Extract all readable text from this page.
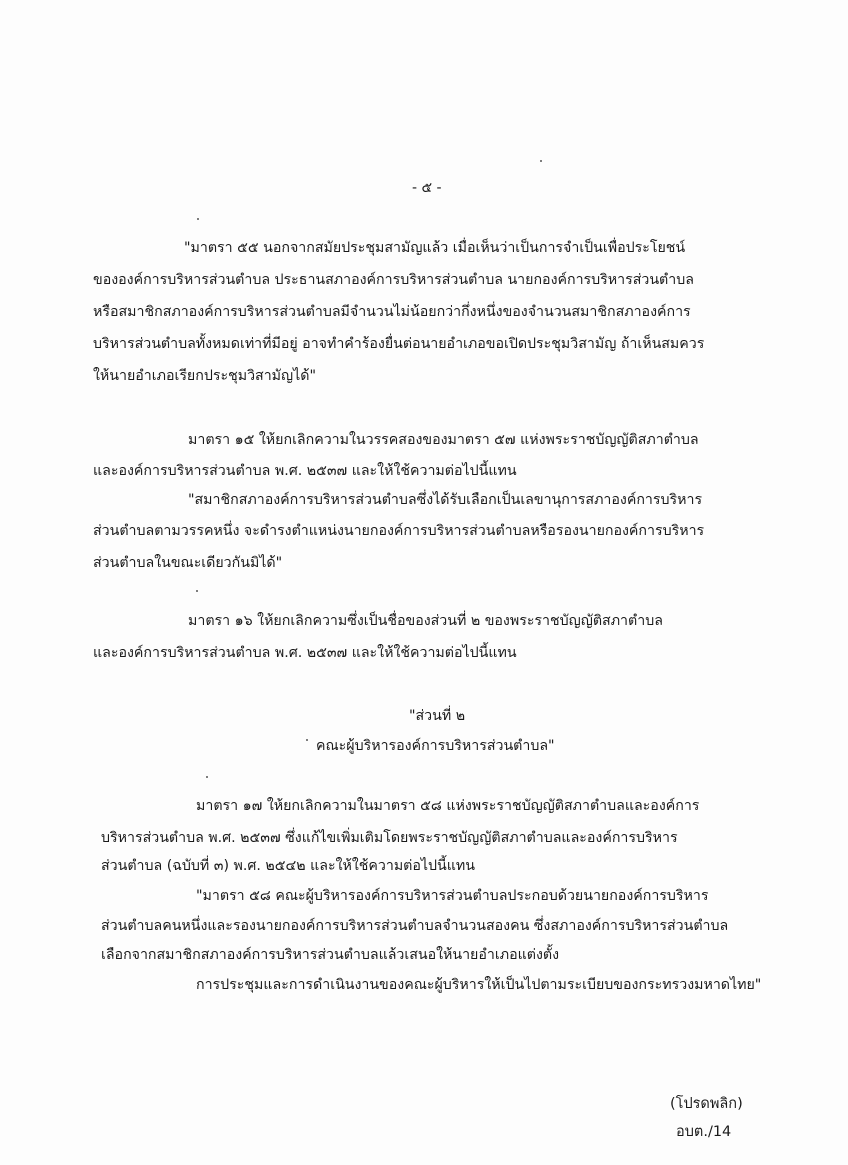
- ๕ -
"มาตรา ๕๕ นอกจากสมัยประชุมสามัญแล้ว เมื่อเห็นว่าเป็นการจำเป็นเพื่อประโยชน์
ขององค์การบริหารส่วนตำบล ประธานสภาองค์การบริหารส่วนตำบล นายกองค์การบริหารส่วนตำบล
หรือสมาชิกสภาองค์การบริหารส่วนตำบลมีจำนวนไม่น้อยกว่ากึ่งหนึ่งของจำนวนสมาชิกสภาองค์การ
บริหารส่วนตำบลทั้งหมดเท่าที่มีอยู่ อาจทำคำร้องยื่นต่อนายอำเภอขอเปิดประชุมวิสามัญ ถ้าเห็นสมควร
ให้นายอำเภอเรียกประชุมวิสามัญได้"
มาตรา ๑๕ ให้ยกเลิกความในวรรคสองของมาตรา ๕๗ แห่งพระราชบัญญัติสภาตำบล
และองค์การบริหารส่วนตำบล พ.ศ. ๒๕๓๗ และให้ใช้ความต่อไปนี้แทน
"สมาชิกสภาองค์การบริหารส่วนตำบลซึ่งได้รับเลือกเป็นเลขานุการสภาองค์การบริหาร
ส่วนตำบลตามวรรคหนึ่ง จะดำรงตำแหน่งนายกองค์การบริหารส่วนตำบลหรือรองนายกองค์การบริหาร
ส่วนตำบลในขณะเดียวกันมิได้"
มาตรา ๑๖ ให้ยกเลิกความซึ่งเป็นชื่อของส่วนที่ ๒ ของพระราชบัญญัติสภาตำบล
และองค์การบริหารส่วนตำบล พ.ศ. ๒๕๓๗ และให้ใช้ความต่อไปนี้แทน
"ส่วนที่ ๒
คณะผู้บริหารองค์การบริหารส่วนตำบล"
มาตรา ๑๗ ให้ยกเลิกความในมาตรา ๕๘ แห่งพระราชบัญญัติสภาตำบลและองค์การ
บริหารส่วนตำบล พ.ศ. ๒๕๓๗ ซึ่งแก้ไขเพิ่มเติมโดยพระราชบัญญัติสภาตำบลและองค์การบริหาร
ส่วนตำบล (ฉบับที่ ๓) พ.ศ. ๒๕๔๒ และให้ใช้ความต่อไปนี้แทน
"มาตรา ๕๘ คณะผู้บริหารองค์การบริหารส่วนตำบลประกอบด้วยนายกองค์การบริหาร
ส่วนตำบลคนหนึ่งและรองนายกองค์การบริหารส่วนตำบลจำนวนสองคน ซึ่งสภาองค์การบริหารส่วนตำบล
เลือกจากสมาชิกสภาองค์การบริหารส่วนตำบลแล้วเสนอให้นายอำเภอแต่งตั้ง
การประชุมและการดำเนินงานของคณะผู้บริหารให้เป็นไปตามระเบียบของกระทรวงมหาดไทย"
(โปรดพลิก)
อบต./14
